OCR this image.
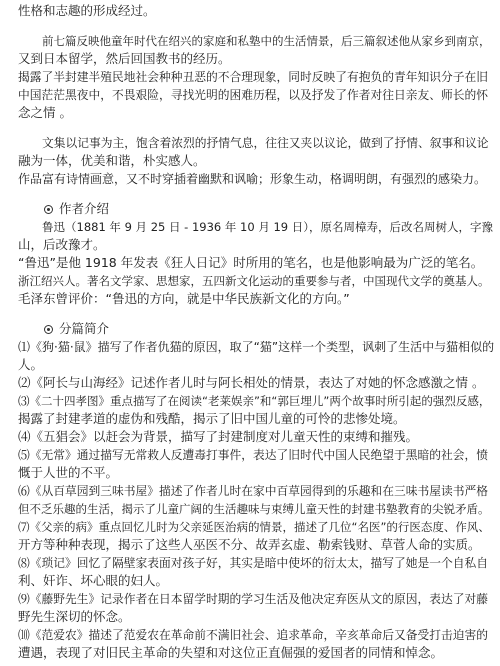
性格和志趣的形成经过。
前七篇反映他童年时代在绍兴的家庭和私塾中的生活情景，后三篇叙述他从家乡到南京，
又到日本留学，然后回国教书的经历。
揭露了半封建半殖民地社会种种丑恶的不合理现象，同时反映了有抱负的青年知识分子在旧
中国茫茫黑夜中，不畏艰险，寻找光明的困难历程，以及抒发了作者对往日亲友、师长的怀
念之情 。
文集以记事为主，饱含着浓烈的抒情气息，往往又夹以议论，做到了抒情、叙事和议论
融为一体，优美和谐，朴实感人。
作品富有诗情画意，又不时穿插着幽默和讽喻；形象生动，格调明朗，有强烈的感染力。
作者介绍
鲁迅（1881 年 9 月 25 日 - 1936 年 10 月 19 日），原名周樟寿，后改名周树人，字豫
山，后改豫才。
“鲁迅”是他 1918 年发表《狂人日记》时所用的笔名，也是他影响最为广泛的笔名。
浙江绍兴人。著名文学家、思想家，五四新文化运动的重要参与者，中国现代文学的奠基人。
毛泽东曾评价：“鲁迅的方向，就是中华民族新文化的方向。”
分篇简介
⑴《狗·猫·鼠》描写了作者仇猫的原因，取了“猫”这样一个类型，讽刺了生活中与猫相似的
人。
⑵《阿长与山海经》记述作者儿时与阿长相处的情景，表达了对她的怀念感激之情 。
⑶《二十四孝图》重点描写了在阅读“老莱娱亲”和“郭巨埋儿”两个故事时所引起的强烈反感，
揭露了封建孝道的虚伪和残酷，揭示了旧中国儿童的可怜的悲惨处境。
⑷《五猖会》以赶会为背景，描写了封建制度对儿童天性的束缚和摧残。
⑸《无常》通过描写无常救人反遭毒打事件，表达了旧时代中国人民绝望于黑暗的社会，愤
慨于人世的不平。
⑹《从百草园到三味书屋》描述了作者儿时在家中百草园得到的乐趣和在三味书屋读书严格
但不乏乐趣的生活，揭示了儿童广阔的生活趣味与束缚儿童天性的封建书塾教育的尖锐矛盾。
⑺《父亲的病》重点回忆儿时为父亲延医治病的情景，描述了几位“名医”的行医态度、作风、
开方等种种表现，揭示了这些人巫医不分、故弄玄虚、勒索钱财、草菅人命的实质。
⑻《琐记》回忆了隔壁家表面对孩子好，其实是暗中使坏的衍太太，描写了她是一个自私自
利、奸诈、坏心眼的妇人。
⑼《藤野先生》记录作者在日本留学时期的学习生活及他决定弃医从文的原因，表达了对藤
野先生深切的怀念。
⑽《范爱农》描述了范爱农在革命前不满旧社会、追求革命，辛亥革命后又备受打击迫害的
遭遇，表现了对旧民主革命的失望和对这位正直倔强的爱国者的同情和悼念。
